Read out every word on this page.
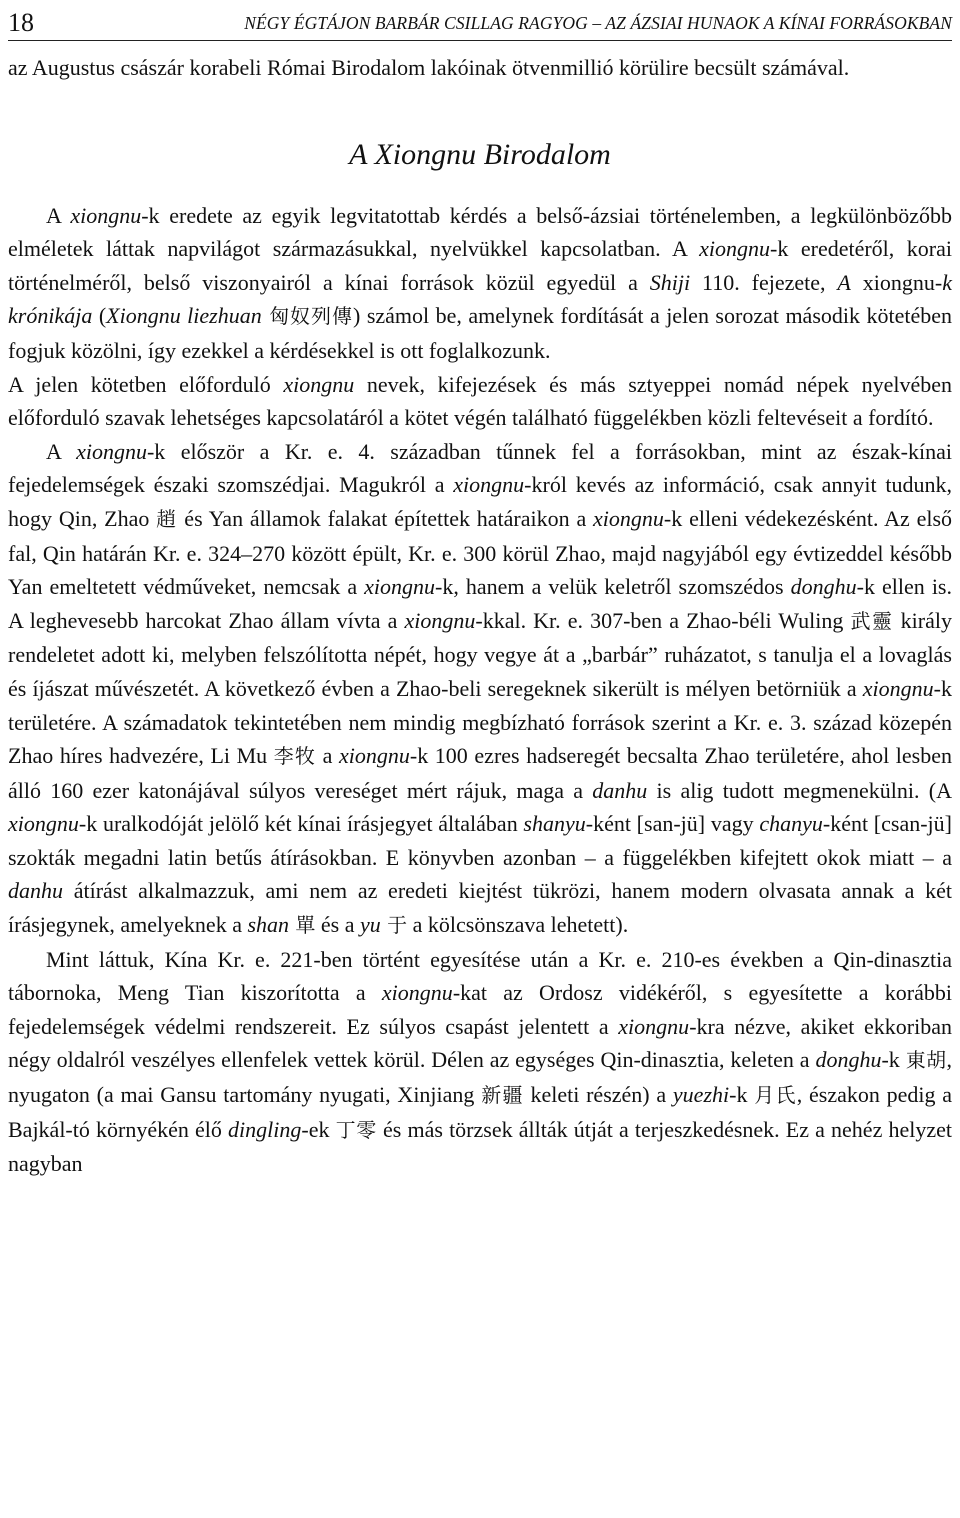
18	NÉGY ÉGTÁJON BARBÁR CSILLAG RAGYOG – AZ ÁZSIAI HUNAOK A KÍNAI FORRÁSOKBAN

az Augustus császár korabeli Római Birodalom lakóinak ötvenmillió körülire becsült számával.

A Xiongnu Birodalom

A xiongnu-k eredete az egyik legvitatottab kérdés a belső-ázsiai történelemben, a legkülönbözőbb elméletek láttak napvilágot származásukkal, nyelvükkel kapcsolatban. A xiongnu-k eredetéről, korai történelméről, belső viszonyairól a kínai források közül egyedül a Shiji 110. fejezete, A xiongnu-k krónikája (Xiongnu liezhuan 匈奴列傳) számol be, amelynek fordítását a jelen sorozat második kötetében fogjuk közölni, így ezekkel a kérdésekkel is ott foglalkozunk.

A jelen kötetben előforduló xiongnu nevek, kifejezések és más sztyeppei nomád népek nyelvében előforduló szavak lehetséges kapcsolatáról a kötet végén található függelékben közli feltevéseit a fordító.

A xiongnu-k először a Kr. e. 4. században tűnnek fel a forrásokban, mint az észak-kínai fejedelemségek északi szomszédjai. Magukról a xiongnu-król kevés az információ, csak annyit tudunk, hogy Qin, Zhao 趙 és Yan államok falakat építettek határaikon a xiongnu-k elleni védekezésként. Az első fal, Qin határán Kr. e. 324–270 között épült, Kr. e. 300 körül Zhao, majd nagyjából egy évtizeddel később Yan emeltetett védműveket, nemcsak a xiongnu-k, hanem a velük keletről szomszédos donghu-k ellen is. A leghevesebb harcokat Zhao állam vívta a xiongnu-kkal. Kr. e. 307-ben a Zhao-béli Wuling 武靈 király rendeletet adott ki, melyben felszólította népét, hogy vegye át a „barbár” ruházatot, s tanulja el a lovaglás és íjászat művészetét. A következő évben a Zhao-beli seregeknek sikerült is mélyen betörniük a xiongnu-k területére. A számadatok tekintetében nem mindig megbízható források szerint a Kr. e. 3. század közepén Zhao híres hadvezére, Li Mu 李牧 a xiongnu-k 100 ezres hadseregét becsalta Zhao területére, ahol lesben álló 160 ezer katonájával súlyos vereséget mért rájuk, maga a danhu is alig tudott megmenekülni. (A xiongnu-k uralkodóját jelölő két kínai írásjegyet általában shanyu-ként [san-jü] vagy chanyu-ként [csan-jü] szokták megadni latin betűs átírásokban. E könyvben azonban – a függelékben kifejtett okok miatt – a danhu átírást alkalmazzuk, ami nem az eredeti kiejtést tükrözi, hanem modern olvasata annak a két írásjegynek, amelyeknek a shan 單 és a yu 于 a kölcsönszava lehetett).

Mint láttuk, Kína Kr. e. 221-ben történt egyesítése után a Kr. e. 210-es években a Qin-dinasztia tábornoka, Meng Tian kiszorította a xiongnu-kat az Ordosz vidékéről, s egyesítette a korábbi fejedelemségek védelmi rendszereit. Ez súlyos csapást jelentett a xiongnu-kra nézve, akiket ekkoriban négy oldalról veszélyes ellenfelek vettek körül. Délen az egységes Qin-dinasztia, keleten a donghu-k 東胡, nyugaton (a mai Gansu tartomány nyugati, Xinjiang 新疆 keleti részén) a yuezhi-k 月氏, északon pedig a Bajkál-tó környékén élő dingling-ek 丁零 és más törzsek állták útját a terjeszkedésnek. Ez a nehéz helyzet nagyban
